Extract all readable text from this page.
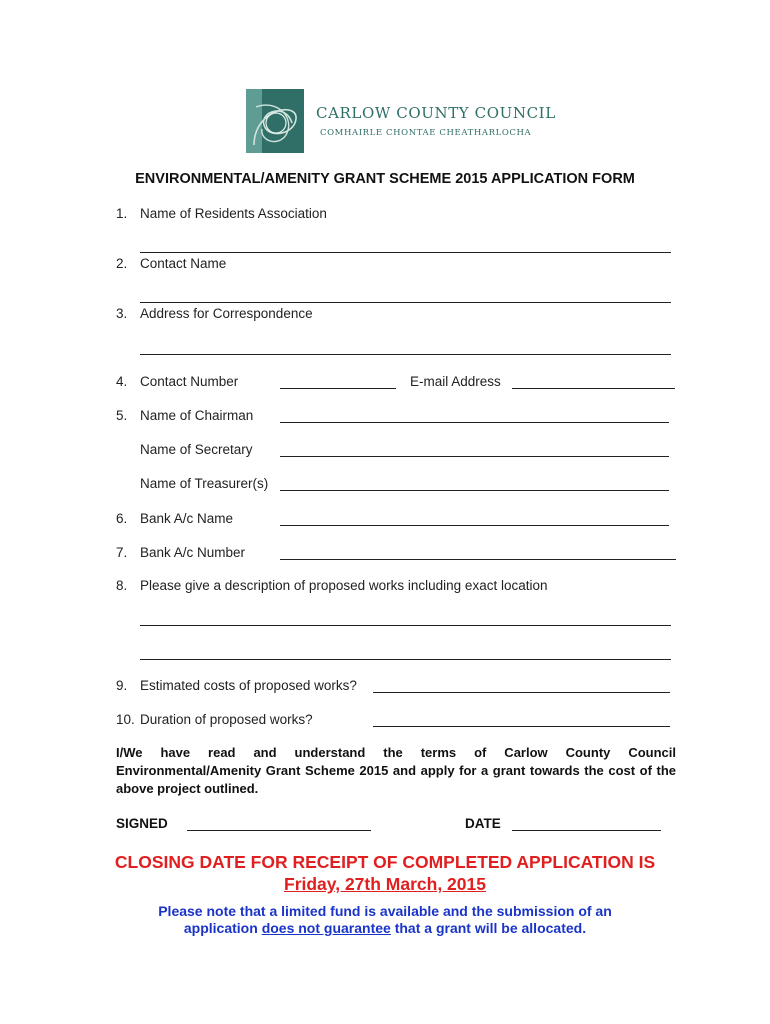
CARLOW COUNTY COUNCIL
COMHAIRLE CHONTAE CHEATHARLOCHA
ENVIRONMENTAL/AMENITY GRANT SCHEME 2015 APPLICATION FORM
1. Name of Residents Association
2. Contact Name
3. Address for Correspondence
4. Contact Number	E-mail Address
5. Name of Chairman
Name of Secretary
Name of Treasurer(s)
6. Bank A/c Name
7. Bank A/c Number
8. Please give a description of proposed works including exact location
9. Estimated costs of proposed works?
10. Duration of proposed works?
I/We have read and understand the terms of Carlow County Council Environmental/Amenity Grant Scheme 2015 and apply for a grant towards the cost of the above project outlined.
SIGNED	DATE
CLOSING DATE FOR RECEIPT OF COMPLETED APPLICATION IS
Friday, 27th March, 2015
Please note that a limited fund is available and the submission of an
application does not guarantee that a grant will be allocated.
